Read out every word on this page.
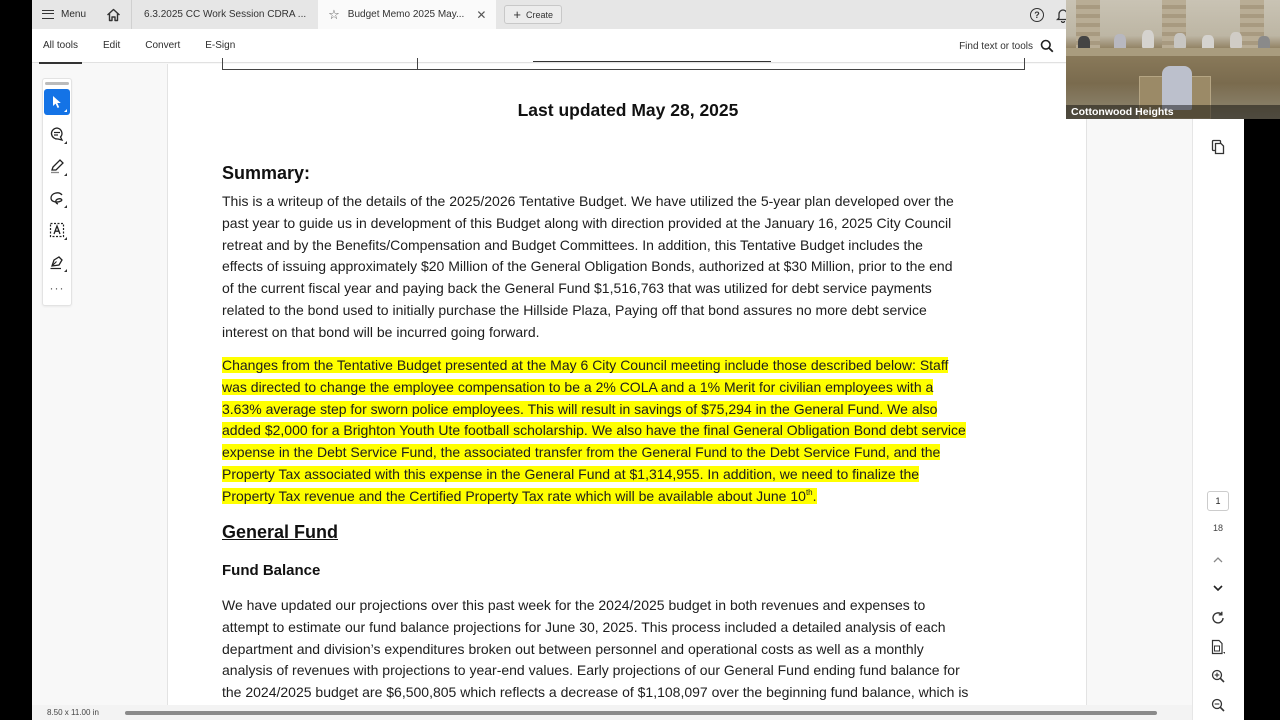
Menu	6.3.2025 CC Work Session CDRA ... ☆ Budget Memo 2025 May... ✕ + Create	?
All tools	Edit	Convert	E-Sign	Find text or tools
Last updated May 28, 2025
Summary:
This is a writeup of the details of the 2025/2026 Tentative Budget. We have utilized the 5-year plan developed over the
past year to guide us in development of this Budget along with direction provided at the January 16, 2025 City Council
retreat and by the Benefits/Compensation and Budget Committees. In addition, this Tentative Budget includes the
effects of issuing approximately $20 Million of the General Obligation Bonds, authorized at $30 Million, prior to the end
of the current fiscal year and paying back the General Fund $1,516,763 that was utilized for debt service payments
related to the bond used to initially purchase the Hillside Plaza, Paying off that bond assures no more debt service
interest on that bond will be incurred going forward.
Changes from the Tentative Budget presented at the May 6 City Council meeting include those described below: Staff
was directed to change the employee compensation to be a 2% COLA and a 1% Merit for civilian employees with a
3.63% average step for sworn police employees. This will result in savings of $75,294 in the General Fund. We also
added $2,000 for a Brighton Youth Ute football scholarship. We also have the final General Obligation Bond debt service
expense in the Debt Service Fund, the associated transfer from the General Fund to the Debt Service Fund, and the
Property Tax associated with this expense in the General Fund at $1,314,955. In addition, we need to finalize the
Property Tax revenue and the Certified Property Tax rate which will be available about June 10th.
General Fund
Fund Balance
We have updated our projections over this past week for the 2024/2025 budget in both revenues and expenses to
attempt to estimate our fund balance projections for June 30, 2025. This process included a detailed analysis of each
department and division’s expenditures broken out between personnel and operational costs as well as a monthly
analysis of revenues with projections to year-end values. Early projections of our General Fund ending fund balance for
the 2024/2025 budget are $6,500,805 which reflects a decrease of $1,108,097 over the beginning fund balance, which is
···
1
18
8.50 x 11.00 in
Cottonwood Heights
